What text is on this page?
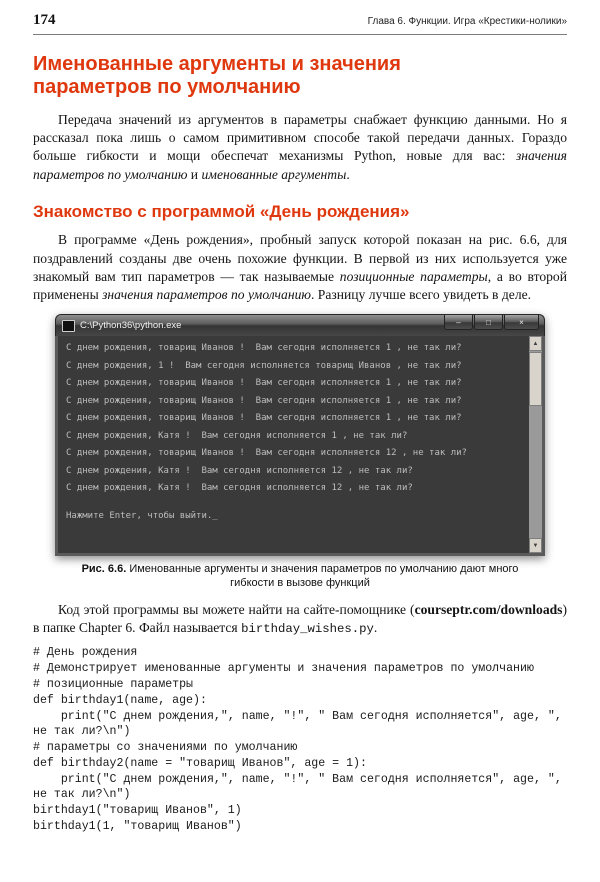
174	Глава 6. Функции. Игра «Крестики-нолики»
Именованные аргументы и значения параметров по умолчанию

Передача значений из аргументов в параметры снабжает функцию данными. Но я рассказал пока лишь о самом примитивном способе такой передачи данных. Гораздо больше гибкости и мощи обеспечат механизмы Python, новые для вас: значения параметров по умолчанию и именованные аргументы.

Знакомство с программой «День рождения»

В программе «День рождения», пробный запуск которой показан на рис. 6.6, для поздравлений созданы две очень похожие функции. В первой из них используется уже знакомый вам тип параметров — так называемые позиционные параметры, а во второй применены значения параметров по умолчанию. Разницу лучше всего увидеть в деле.

C:\Python36\python.exe	–	□	×
С днем рождения, товарищ Иванов !  Вам сегодня исполняется 1 , не так ли?
С днем рождения, 1 !  Вам сегодня исполняется товарищ Иванов , не так ли?
С днем рождения, товарищ Иванов !  Вам сегодня исполняется 1 , не так ли?
С днем рождения, товарищ Иванов !  Вам сегодня исполняется 1 , не так ли?
С днем рождения, товарищ Иванов !  Вам сегодня исполняется 1 , не так ли?
С днем рождения, Катя !  Вам сегодня исполняется 1 , не так ли?
С днем рождения, товарищ Иванов !  Вам сегодня исполняется 12 , не так ли?
С днем рождения, Катя !  Вам сегодня исполняется 12 , не так ли?
С днем рождения, Катя !  Вам сегодня исполняется 12 , не так ли?
Нажмите Enter, чтобы выйти._
▲
▼
Рис. 6.6. Именованные аргументы и значения параметров по умолчанию дают много гибкости в вызове функций

Код этой программы вы можете найти на сайте-помощнике (courseptr.com/downloads) в папке Chapter 6. Файл называется birthday_wishes.py.

# День рождения
# Демонстрирует именованные аргументы и значения параметров по умолчанию
# позиционные параметры
def birthday1(name, age):
print("С днем рождения,", name, "!", " Вам сегодня исполняется", age, ", не так ли?\n")
# параметры со значениями по умолчанию
def birthday2(name = "товарищ Иванов", age = 1):
print("С днем рождения,", name, "!", " Вам сегодня исполняется", age, ", не так ли?\n")
birthday1("товарищ Иванов", 1)
birthday1(1, "товарищ Иванов")
